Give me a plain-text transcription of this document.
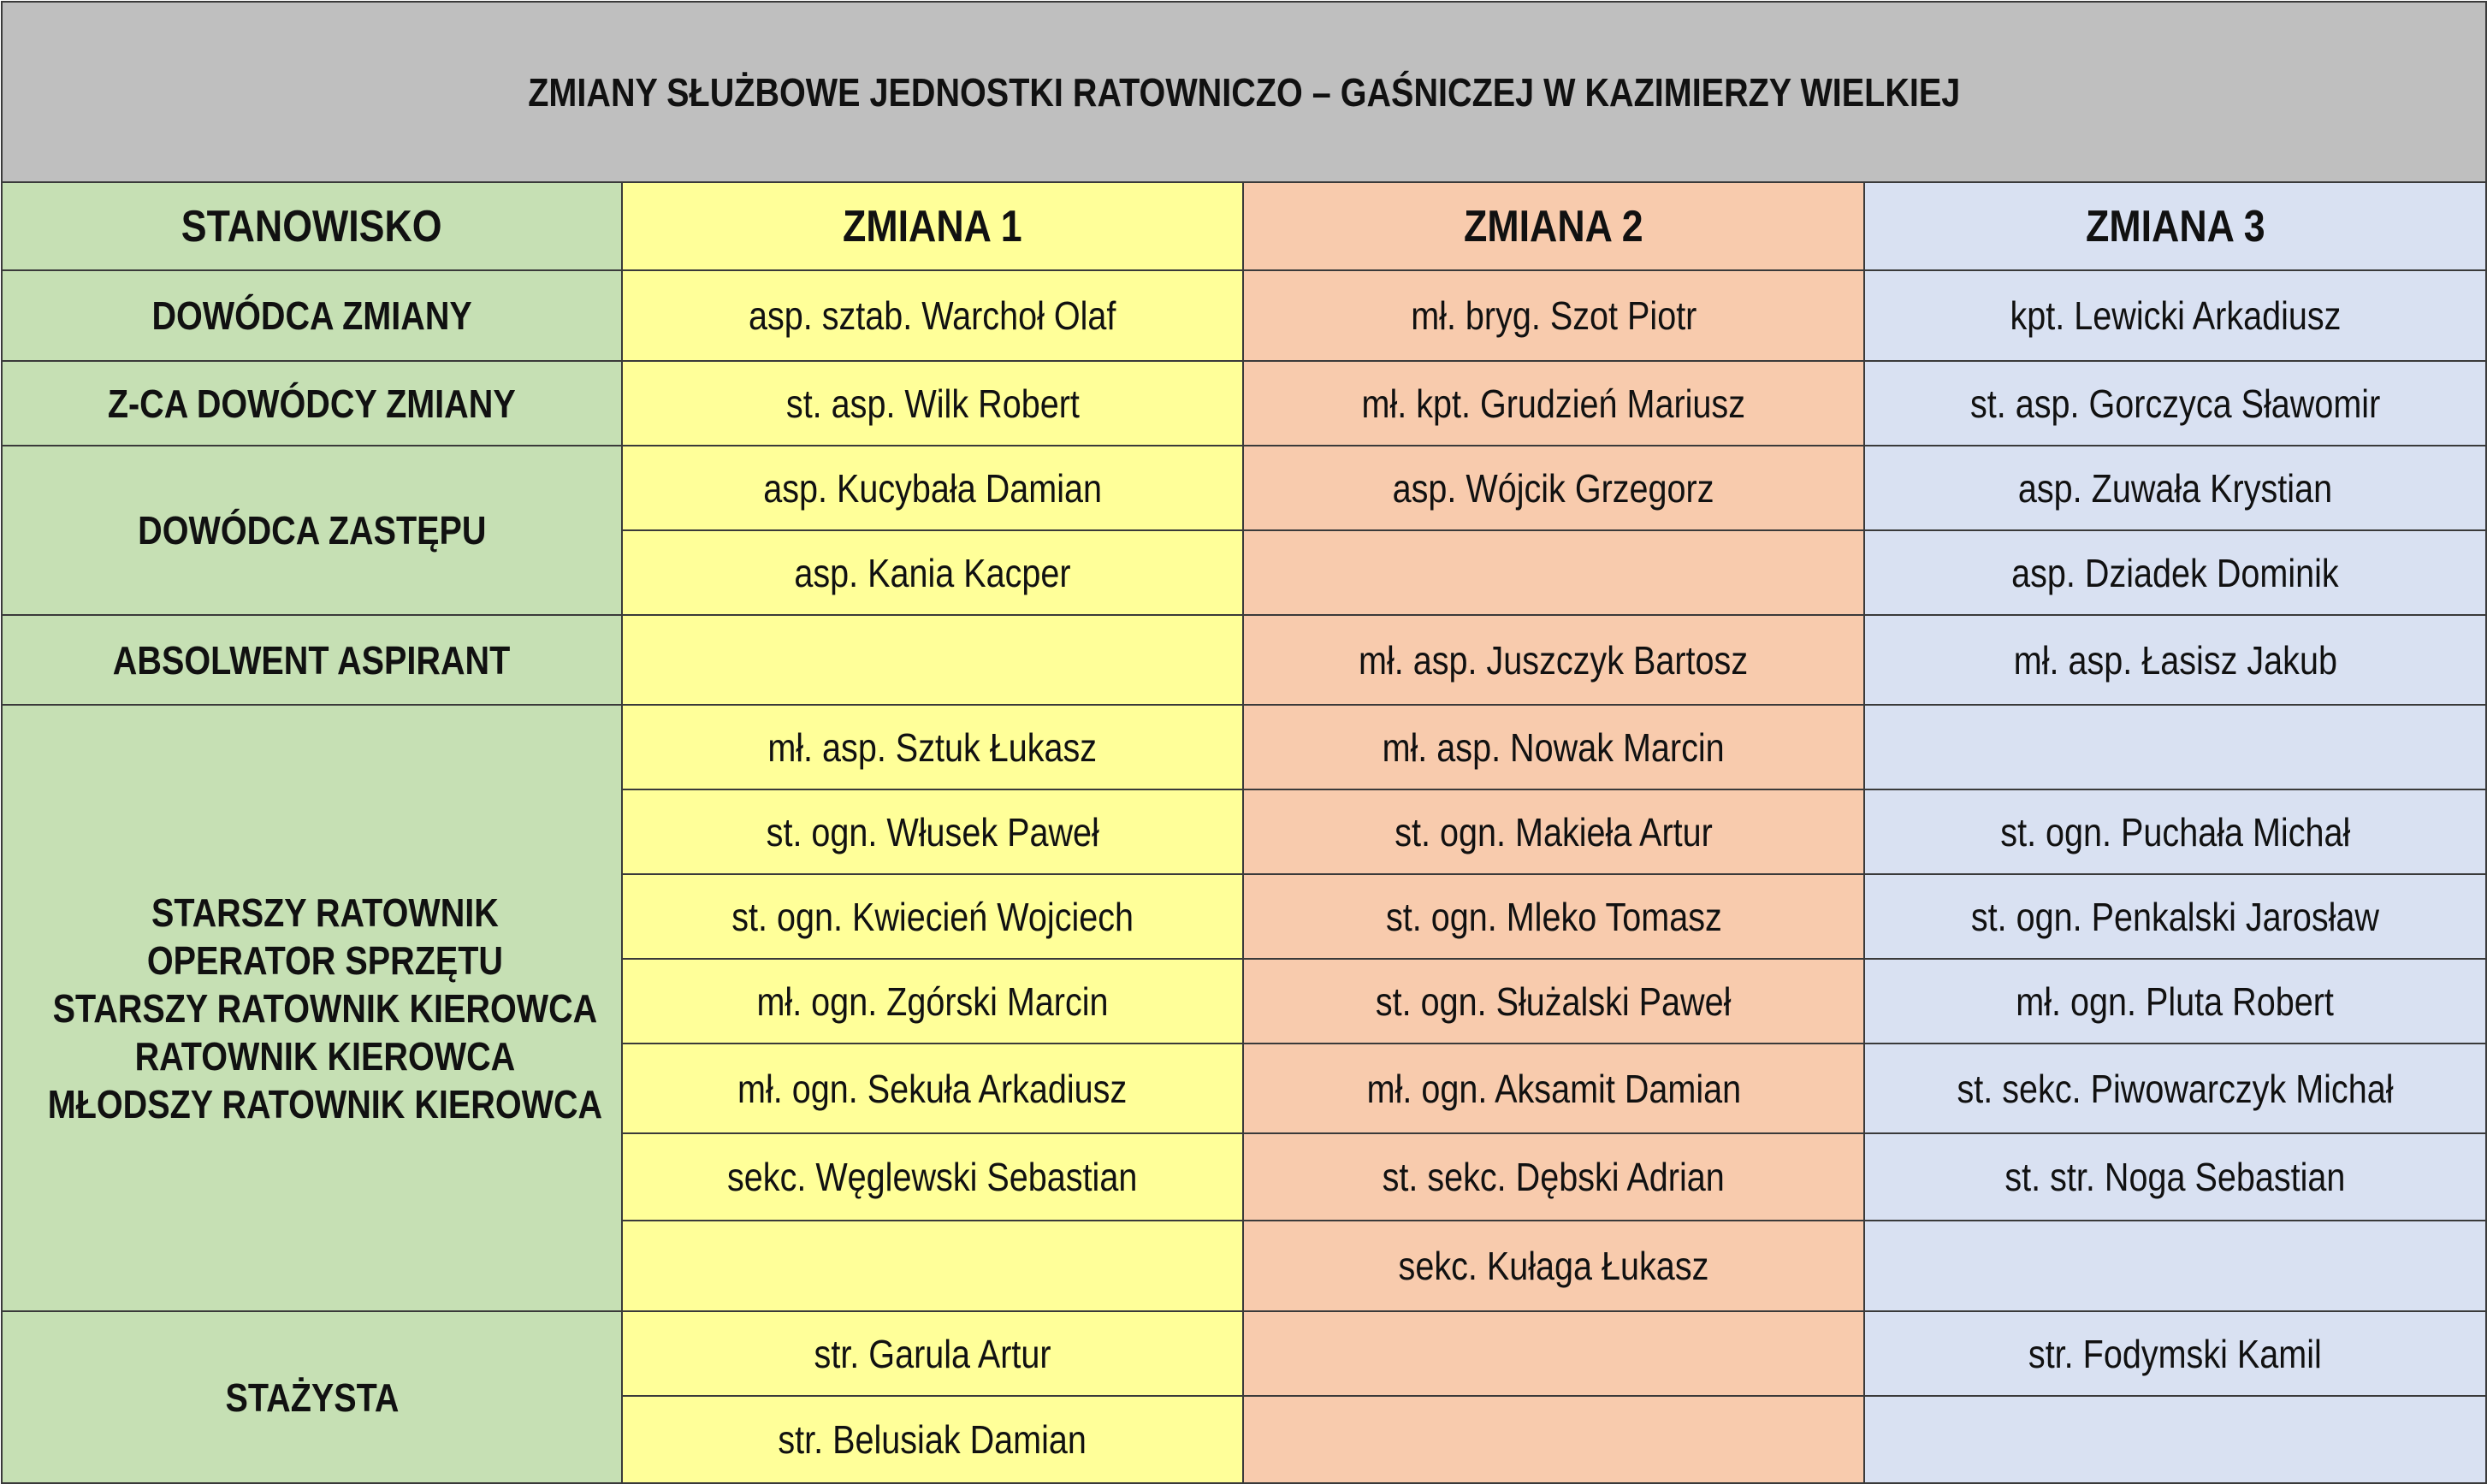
ZMIANY SŁUŻBOWE JEDNOSTKI RATOWNICZO – GAŚNICZEJ W KAZIMIERZY WIELKIEJ			
STANOWISKO	ZMIANA 1	ZMIANA 2	ZMIANA 3
DOWÓDCA ZMIANY	asp. sztab. Warchoł Olaf	mł. bryg. Szot Piotr	kpt. Lewicki Arkadiusz
Z-CA DOWÓDCY ZMIANY	st. asp. Wilk Robert	mł. kpt. Grudzień Mariusz	st. asp. Gorczyca Sławomir
DOWÓDCA ZASTĘPU	asp. Kucybała Damian	asp. Wójcik Grzegorz	asp. Zuwała Krystian
	asp. Kania Kacper		asp. Dziadek Dominik
ABSOLWENT ASPIRANT		mł. asp. Juszczyk Bartosz	mł. asp. Łasisz Jakub

STARSZY RATOWNIK
OPERATOR SPRZĘTU
STARSZY RATOWNIK KIEROWCA
RATOWNIK KIEROWCA
MŁODSZY RATOWNIK KIEROWCA	mł. asp. Sztuk Łukasz	mł. asp. Nowak Marcin	
	st. ogn. Włusek Paweł	st. ogn. Makieła Artur	st. ogn. Puchała Michał
	st. ogn. Kwiecień Wojciech	st. ogn. Mleko Tomasz	st. ogn. Penkalski Jarosław
	mł. ogn. Zgórski Marcin	st. ogn. Służalski Paweł	mł. ogn. Pluta Robert
	mł. ogn. Sekuła Arkadiusz	mł. ogn. Aksamit Damian	st. sekc. Piwowarczyk Michał
	sekc. Węglewski Sebastian	st. sekc. Dębski Adrian	st. str. Noga Sebastian
		sekc. Kułaga Łukasz	
STAŻYSTA	str. Garula Artur		str. Fodymski Kamil
	str. Belusiak Damian		
